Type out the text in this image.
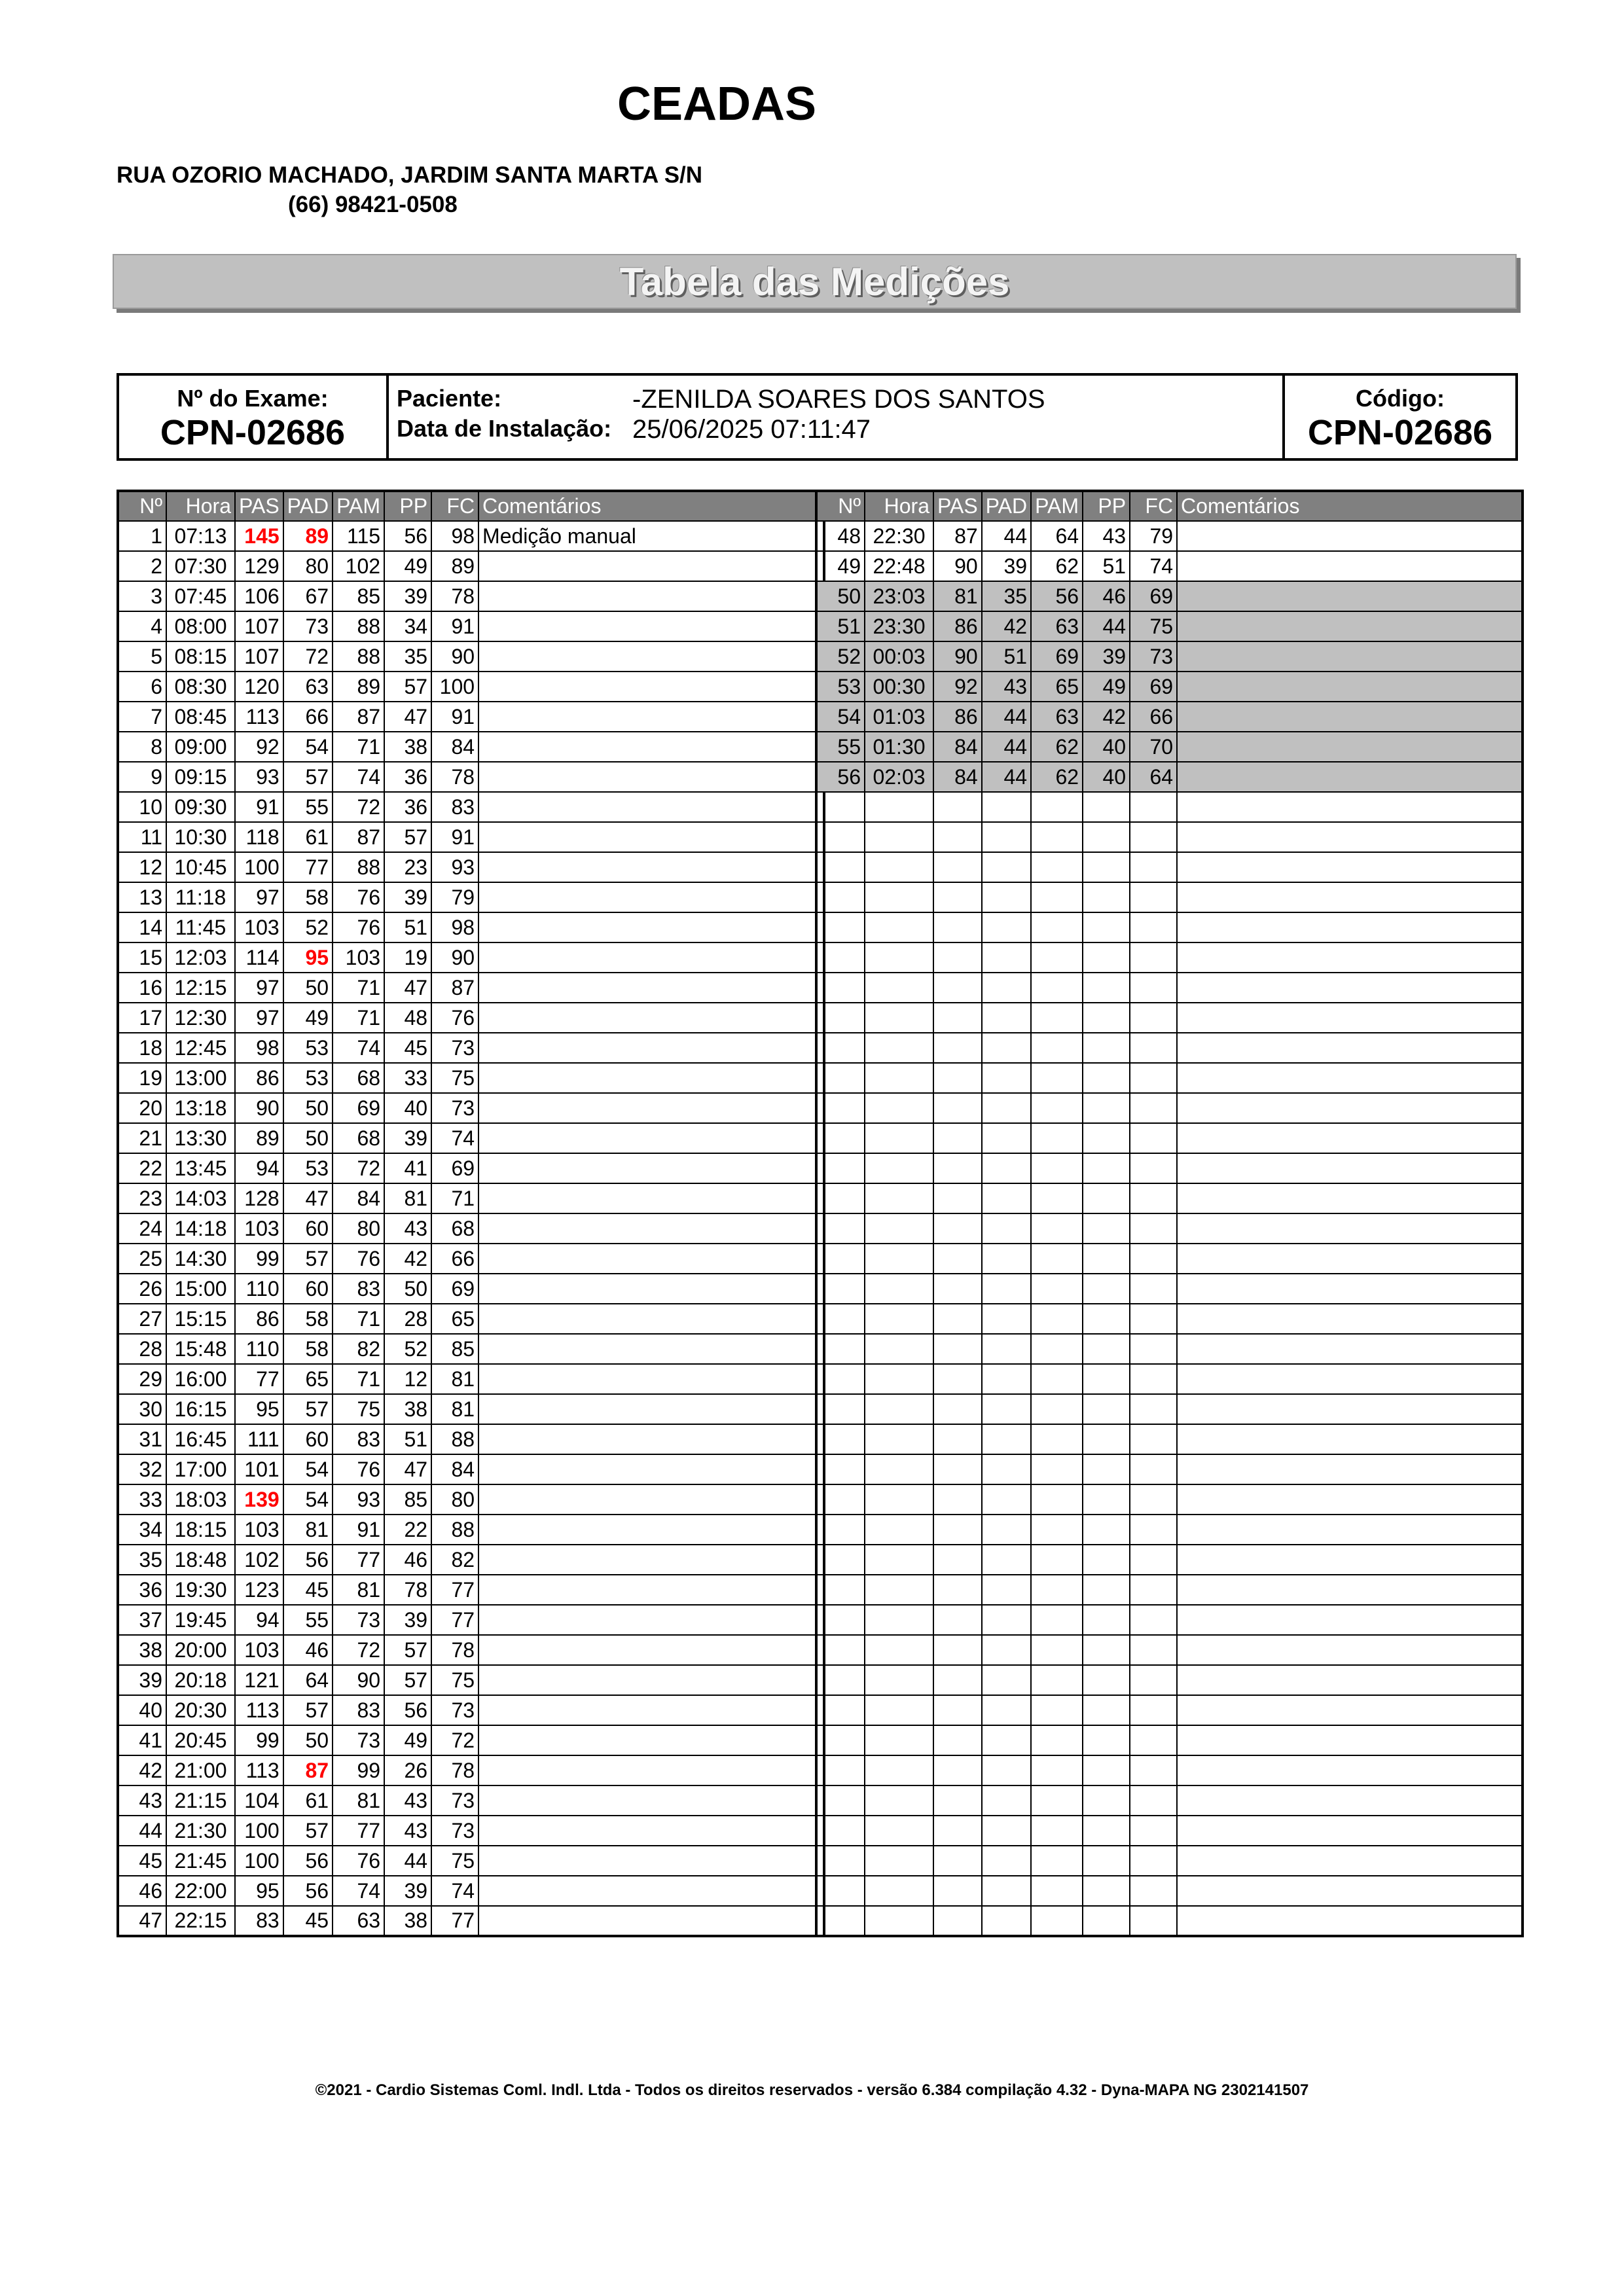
CEADAS
RUA OZORIO MACHADO, JARDIM SANTA MARTA S/N
(66) 98421-0508
Tabela das Medições
Nº do Exame:
CPN-02686
Paciente:	-ZENILDA SOARES DOS SANTOS
Data de Instalação: 25/06/2025 07:11:47
Código:
CPN-02686
Nº	Hora	PAS	PAD	PAM	PP	FC	Comentários
1	07:13	145	89	115	56	98	Medição manual
2	07:30	129	80	102	49	89	
3	07:45	106	67	85	39	78	
4	08:00	107	73	88	34	91	
5	08:15	107	72	88	35	90	
6	08:30	120	63	89	57	100	
7	08:45	113	66	87	47	91	
8	09:00	92	54	71	38	84	
9	09:15	93	57	74	36	78	
10	09:30	91	55	72	36	83	
11	10:30	118	61	87	57	91	
12	10:45	100	77	88	23	93	
13	11:18	97	58	76	39	79	
14	11:45	103	52	76	51	98	
15	12:03	114	95	103	19	90	
16	12:15	97	50	71	47	87	
17	12:30	97	49	71	48	76	
18	12:45	98	53	74	45	73	
19	13:00	86	53	68	33	75	
20	13:18	90	50	69	40	73	
21	13:30	89	50	68	39	74	
22	13:45	94	53	72	41	69	
23	14:03	128	47	84	81	71	
24	14:18	103	60	80	43	68	
25	14:30	99	57	76	42	66	
26	15:00	110	60	83	50	69	
27	15:15	86	58	71	28	65	
28	15:48	110	58	82	52	85	
29	16:00	77	65	71	12	81	
30	16:15	95	57	75	38	81	
31	16:45	111	60	83	51	88	
32	17:00	101	54	76	47	84	
33	18:03	139	54	93	85	80	
34	18:15	103	81	91	22	88	
35	18:48	102	56	77	46	82	
36	19:30	123	45	81	78	77	
37	19:45	94	55	73	39	77	
38	20:00	103	46	72	57	78	
39	20:18	121	64	90	57	75	
40	20:30	113	57	83	56	73	
41	20:45	99	50	73	49	72	
42	21:00	113	87	99	26	78	
43	21:15	104	61	81	43	73	
44	21:30	100	57	77	43	73	
45	21:45	100	56	76	44	75	
46	22:00	95	56	74	39	74	
47	22:15	83	45	63	38	77	
Nº	Hora	PAS	PAD	PAM	PP	FC	Comentários
48	22:30	87	44	64	43	79	
49	22:48	90	39	62	51	74	
50	23:03	81	35	56	46	69	
51	23:30	86	42	63	44	75	
52	00:03	90	51	69	39	73	
53	00:30	92	43	65	49	69	
54	01:03	86	44	63	42	66	
55	01:30	84	44	62	40	70	
56	02:03	84	44	62	40	64	

©2021 - Cardio Sistemas Coml. Indl. Ltda - Todos os direitos reservados - versão 6.384 compilação 4.32 - Dyna-MAPA NG 2302141507
